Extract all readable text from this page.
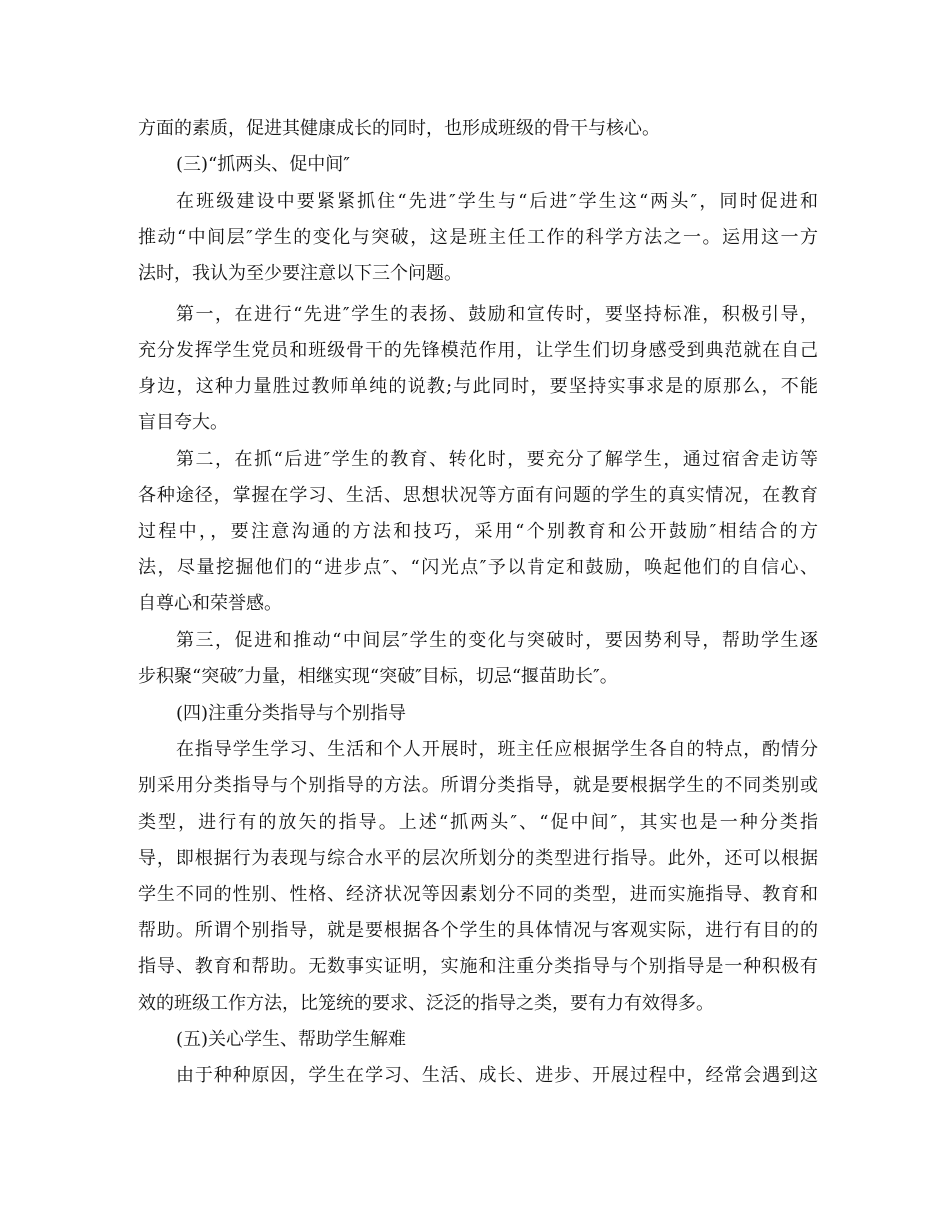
方面的素质，促进其健康成长的同时，也形成班级的骨干与核心。
(三)“抓两头、促中间″
在班级建设中要紧紧抓住“先进″学生与“后进″学生这“两头″，同时促进和
推动“中间层″学生的变化与突破，这是班主任工作的科学方法之一。运用这一方
法时，我认为至少要注意以下三个问题。
第一，在进行“先进″学生的表扬、鼓励和宣传时，要坚持标准，积极引导，
充分发挥学生党员和班级骨干的先锋模范作用，让学生们切身感受到典范就在自己
身边，这种力量胜过教师单纯的说教;与此同时，要坚持实事求是的原那么，不能
盲目夸大。
第二，在抓“后进″学生的教育、转化时，要充分了解学生，通过宿舍走访等
各种途径，掌握在学习、生活、思想状况等方面有问题的学生的真实情况，在教育
过程中，，要注意沟通的方法和技巧，采用“个别教育和公开鼓励″相结合的方
法，尽量挖掘他们的“进步点″、“闪光点″予以肯定和鼓励，唤起他们的自信心、
自尊心和荣誉感。
第三，促进和推动“中间层″学生的变化与突破时，要因势利导，帮助学生逐
步积聚“突破″力量，相继实现“突破″目标，切忌“揠苗助长″。
(四)注重分类指导与个别指导
在指导学生学习、生活和个人开展时，班主任应根据学生各自的特点，酌情分
别采用分类指导与个别指导的方法。所谓分类指导，就是要根据学生的不同类别或
类型，进行有的放矢的指导。上述“抓两头″、“促中间″，其实也是一种分类指
导，即根据行为表现与综合水平的层次所划分的类型进行指导。此外，还可以根据
学生不同的性别、性格、经济状况等因素划分不同的类型，进而实施指导、教育和
帮助。所谓个别指导，就是要根据各个学生的具体情况与客观实际，进行有目的的
指导、教育和帮助。无数事实证明，实施和注重分类指导与个别指导是一种积极有
效的班级工作方法，比笼统的要求、泛泛的指导之类，要有力有效得多。
(五)关心学生、帮助学生解难
由于种种原因，学生在学习、生活、成长、进步、开展过程中，经常会遇到这
